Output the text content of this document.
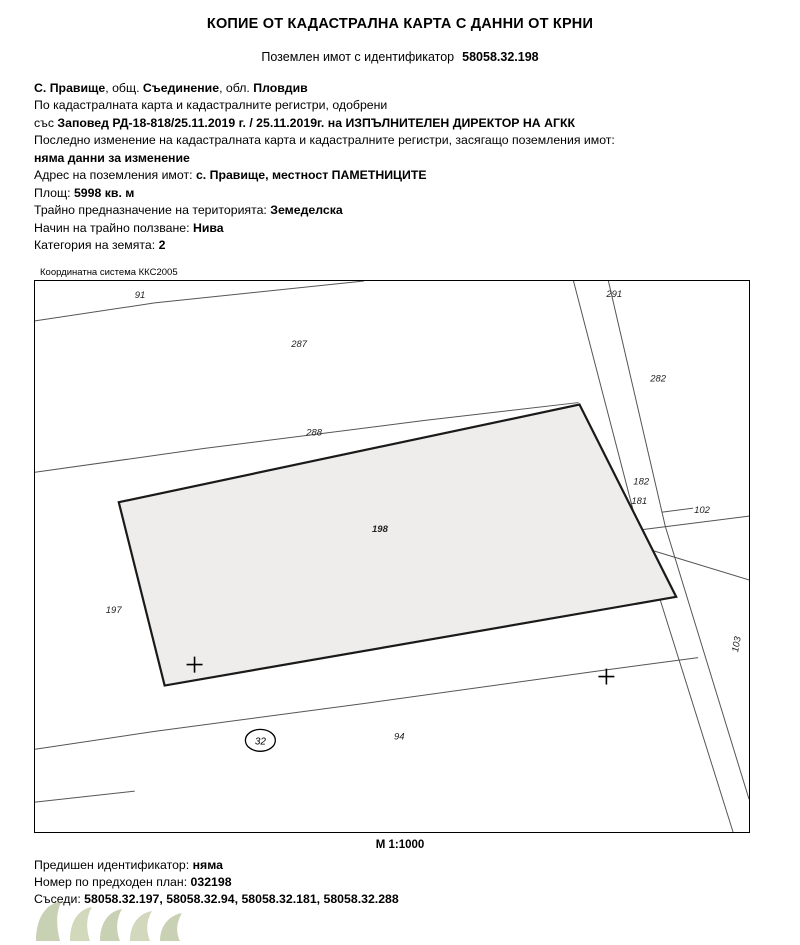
КОПИЕ ОТ КАДАСТРАЛНА КАРТА С ДАННИ ОТ КРНИ
Поземлен имот с идентификатор 58058.32.198
С. Правище, общ. Съединение, обл. Пловдив
По кадастралната карта и кадастралните регистри, одобрени
със Заповед РД-18-818/25.11.2019 г. / 25.11.2019г. на ИЗПЪЛНИТЕЛЕН ДИРЕКТОР НА АГКК
Последно изменение на кадастралната карта и кадастралните регистри, засягащо поземления имот:
няма данни за изменение
Адрес на поземления имот: с. Правище, местност ПАМЕТНИЦИТЕ
Площ: 5998 кв. м
Трайно предназначение на територията: Земеделска
Начин на трайно ползване: Нива
Категория на земята: 2
Координатна система ККС2005
32
91	291
287
282
288
182
181
102
198
197
103
94
М 1:1000
Предишен идентификатор: няма
Номер по предходен план: 032198
Съседи: 58058.32.197, 58058.32.94, 58058.32.181, 58058.32.288
